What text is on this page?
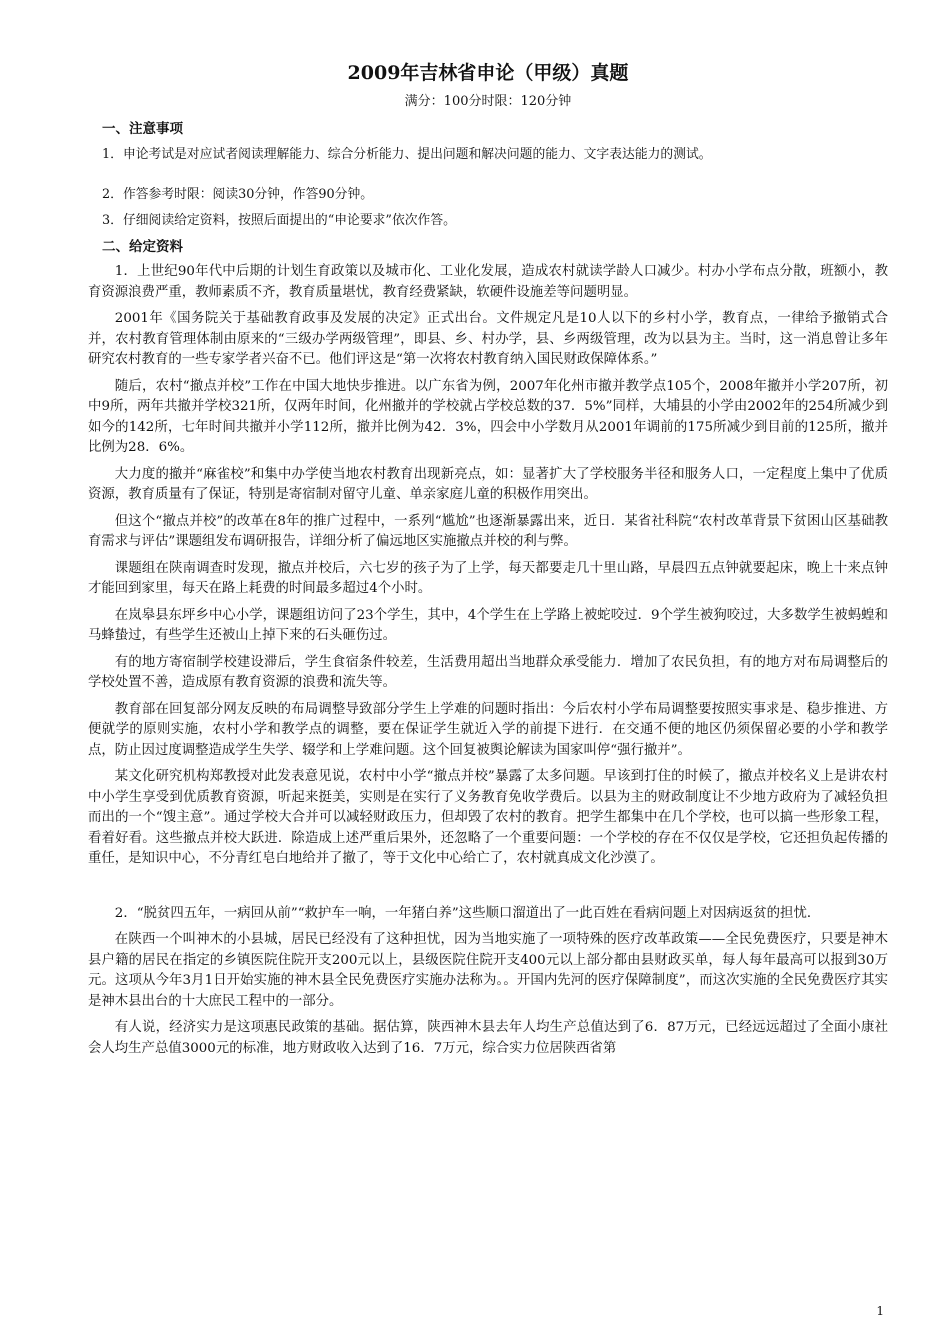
2009年吉林省申论（甲级）真题
满分：100分时限：120分钟
一、注意事项
1．申论考试是对应试者阅读理解能力、综合分析能力、提出问题和解决问题的能力、文字表达能力的测试。
2．作答参考时限：阅读30分钟，作答90分钟。
3．仔细阅读给定资料，按照后面提出的“申论要求”依次作答。
二、给定资料

1．上世纪90年代中后期的计划生育政策以及城市化、工业化发展，造成农村就读学龄人口减少。村办小学布点分散，班额小，教育资源浪费严重，教师素质不齐，教育质量堪忧，教育经费紧缺，软硬件设施差等问题明显。

2001年《国务院关于基础教育政事及发展的决定》正式出台。文件规定凡是10人以下的乡村小学，教育点，一律给予撤销式合并，农村教育管理体制由原来的“三级办学两级管理”，即县、乡、村办学，县、乡两级管理，改为以县为主。当时，这一消息曾让多年研究农村教育的一些专家学者兴奋不已。他们评这是“第一次将农村教育纳入国民财政保障体系。”

随后，农村“撤点并校”工作在中国大地快步推进。以广东省为例，2007年化州市撤并教学点105个，2008年撤并小学207所，初中9所，两年共撤并学校321所，仅两年时间，化州撤并的学校就占学校总数的37．5%”同样，大埔县的小学由2002年的254所减少到如今的142所，七年时间共撤并小学112所，撤并比例为42．3%，四会中小学数月从2001年调前的175所减少到目前的125所，撤并比例为28．6%。

大力度的撤并“麻雀校”和集中办学使当地农村教育出现新亮点，如：显著扩大了学校服务半径和服务人口，一定程度上集中了优质资源，教育质量有了保证，特别是寄宿制对留守儿童、单亲家庭儿童的积极作用突出。

但这个“撤点并校”的改革在8年的推广过程中，一系列“尴尬”也逐渐暴露出来，近日．某省社科院“农村改革背景下贫困山区基础教育需求与评估”课题组发布调研报告，详细分析了偏远地区实施撤点并校的利与弊。

课题组在陕南调查时发现，撤点并校后，六七岁的孩子为了上学，每天都要走几十里山路，早晨四五点钟就要起床，晚上十来点钟才能回到家里，每天在路上耗费的时间最多超过4个小时。

在岚皋县东坪乡中心小学，课题组访问了23个学生，其中，4个学生在上学路上被蛇咬过．9个学生被狗咬过，大多数学生被蚂蝗和马蜂蛰过，有些学生还被山上掉下来的石头砸伤过。

有的地方寄宿制学校建设滞后，学生食宿条件较差，生活费用超出当地群众承受能力．增加了农民负担，有的地方对布局调整后的学校处置不善，造成原有教育资源的浪费和流失等。

教育部在回复部分网友反映的布局调整导致部分学生上学难的问题时指出：今后农村小学布局调整要按照实事求是、稳步推进、方便就学的原则实施，农村小学和教学点的调整，要在保证学生就近入学的前提下进行．在交通不便的地区仍须保留必要的小学和教学点，防止因过度调整造成学生失学、辍学和上学难问题。这个回复被舆论解读为国家叫停“强行撤并”。

某文化研究机构郑教授对此发表意见说，农村中小学“撤点并校”暴露了太多问题。早该到打住的时候了，撤点并校名义上是讲农村中小学生享受到优质教育资源，听起来挺美，实则是在实行了义务教育免收学费后。以县为主的财政制度让不少地方政府为了减轻负担而出的一个“馊主意”。通过学校大合并可以减轻财政压力，但却毁了农村的教育。把学生都集中在几个学校，也可以搞一些形象工程，看着好看。这些撤点并校大跃进．除造成上述严重后果外，还忽略了一个重要问题：一个学校的存在不仅仅是学校，它还担负起传播的重任，是知识中心，不分青红皂白地给并了撤了，等于文化中心给亡了，农村就真成文化沙漠了。

2．“脱贫四五年，一病回从前”“救护车一响，一年猪白养”这些顺口溜道出了一此百姓在看病问题上对因病返贫的担忧．

在陕西一个叫神木的小县城，居民已经没有了这种担忧，因为当地实施了一项特殊的医疗改革政策——全民免费医疗，只要是神木县户籍的居民在指定的乡镇医院住院开支200元以上，县级医院住院开支400元以上部分都由县财政买单，每人每年最高可以报到30万元。这项从今年3月1日开始实施的神木县全民免费医疗实施办法称为。。开国内先河的医疗保障制度”，而这次实施的全民免费医疗其实是神木县出台的十大庶民工程中的一部分。

有人说，经济实力是这项惠民政策的基础。据估算，陕西神木县去年人均生产总值达到了6．87万元，已经远远超过了全面小康社会人均生产总值3000元的标准，地方财政收入达到了16．7万元，综合实力位居陕西省第

1
